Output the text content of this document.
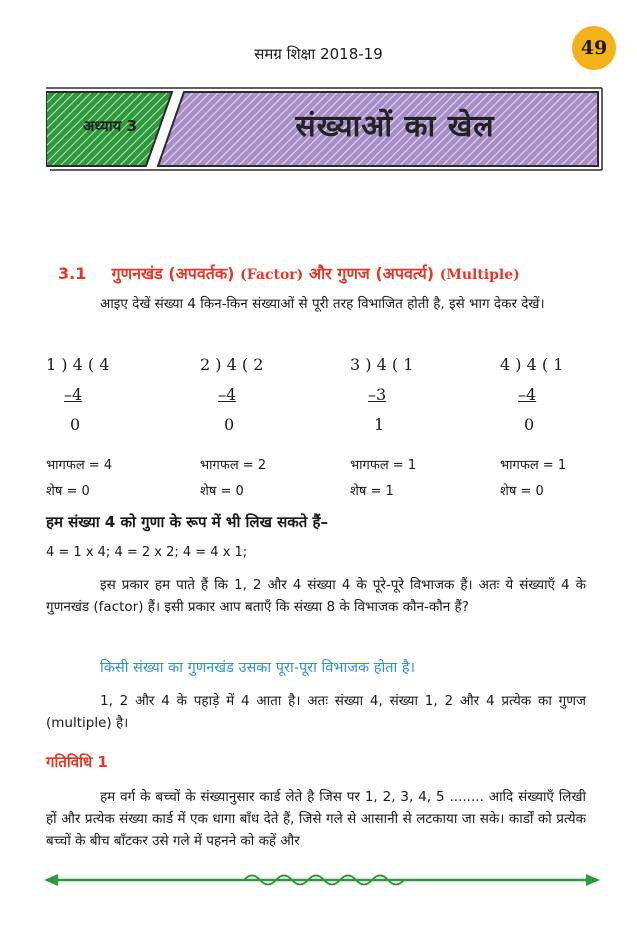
समग्र शिक्षा 2018-19	49
अध्याय 3	संख्याओं का खेल
3.1 गुणनखंड (अपवर्तक) (Factor) और गुणज (अपवर्त्य) (Multiple)
आइए देखें संख्या 4 किन-किन संख्याओं से पूरी तरह विभाजित होती है, इसे भाग देकर देखें।
1 ) 4 ( 4
–4
0
2 ) 4 ( 2
–4
0
3 ) 4 ( 1
–3
1
4 ) 4 ( 1
–4
0
भागफल = 4	भागफल = 2	भागफल = 1	भागफल = 1
शेष = 0	शेष = 0	शेष = 1	शेष = 0
हम संख्या 4 को गुणा के रूप में भी लिख सकते हैं–
4 = 1 x 4; 4 = 2 x 2; 4 = 4 x 1;
इस प्रकार हम पाते हैं कि 1, 2 और 4 संख्या 4 के पूरे-पूरे विभाजक हैं। अतः ये संख्याएँ 4 के गुणनखंड (factor) हैं। इसी प्रकार आप बताएँ कि संख्या 8 के विभाजक कौन-कौन हैं?
किसी संख्या का गुणनखंड उसका पूरा-पूरा विभाजक होता है।
1, 2 और 4 के पहाड़े में 4 आता है। अतः संख्या 4, संख्या 1, 2 और 4 प्रत्येक का गुणज (multiple) है।
गतिविधि 1
हम वर्ग के बच्चों के संख्यानुसार कार्ड लेते है जिस पर 1, 2, 3, 4, 5 ........ आदि संख्याएँ लिखी हों और प्रत्येक संख्या कार्ड में एक धागा बाँध देते हैं, जिसे गले से आसानी से लटकाया जा सके। कार्डों को प्रत्येक बच्चों के बीच बाँटकर उसे गले में पहनने को कहें और
